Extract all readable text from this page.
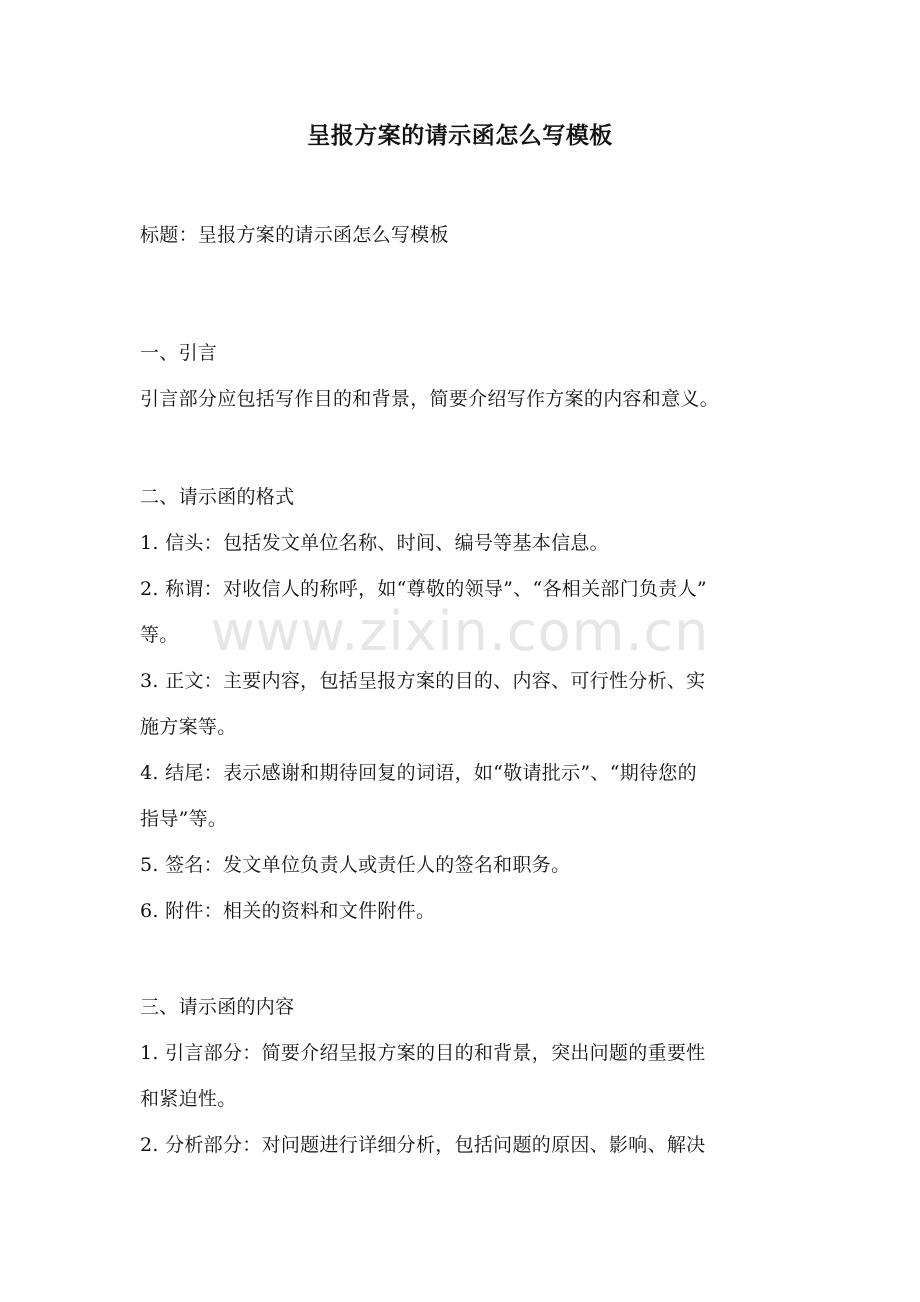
呈报方案的请示函怎么写模板

标题：呈报方案的请示函怎么写模板

一、引言

引言部分应包括写作目的和背景，简要介绍写作方案的内容和意义。

二、请示函的格式

1. 信头：包括发文单位名称、时间、编号等基本信息。

2. 称谓：对收信人的称呼，如“尊敬的领导”、“各相关部门负责人”

等。

3. 正文：主要内容，包括呈报方案的目的、内容、可行性分析、实

施方案等。

4. 结尾：表示感谢和期待回复的词语，如“敬请批示”、“期待您的

指导”等。

5. 签名：发文单位负责人或责任人的签名和职务。

6. 附件：相关的资料和文件附件。

三、请示函的内容

1. 引言部分：简要介绍呈报方案的目的和背景，突出问题的重要性

和紧迫性。

2. 分析部分：对问题进行详细分析，包括问题的原因、影响、解决

www.zixin.com.cn
